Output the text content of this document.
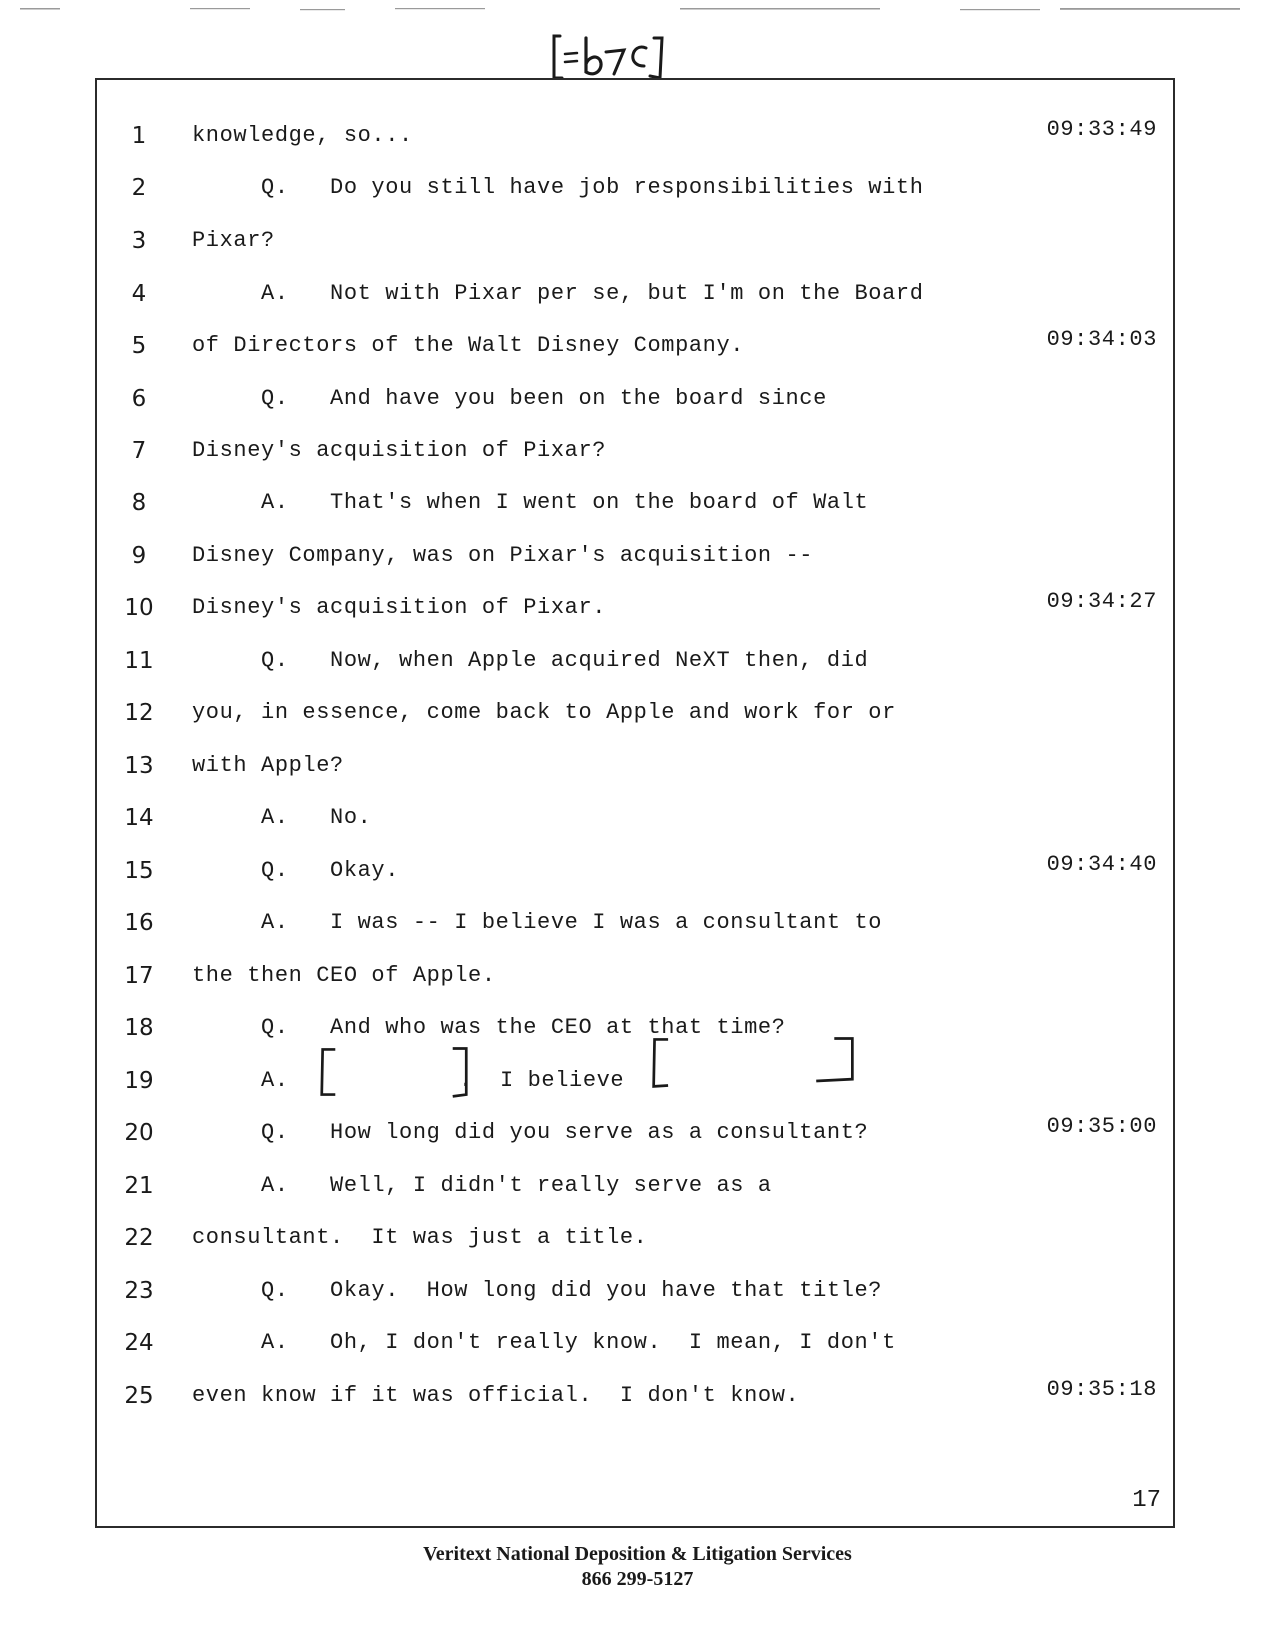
1	knowledge, so...	09:33:49
2	Q.   Do you still have job responsibilities with
3	Pixar?
4	A.   Not with Pixar per se, but I'm on the Board
5	of Directors of the Walt Disney Company.	09:34:03
6	Q.   And have you been on the board since
7	Disney's acquisition of Pixar?
8	A.   That's when I went on the board of Walt
9	Disney Company, was on Pixar's acquisition --
10	Disney's acquisition of Pixar.	09:34:27
11	Q.   Now, when Apple acquired NeXT then, did
12	you, in essence, come back to Apple and work for or
13	with Apple?
14	A.   No.
15	Q.   Okay.	09:34:40
16	A.   I was -- I believe I was a consultant to
17	the then CEO of Apple.
18	Q.   And who was the CEO at that time?
19	A.	. I believe
20	Q.   How long did you serve as a consultant?	09:35:00
21	A.   Well, I didn't really serve as a
22	consultant.  It was just a title.
23	Q.   Okay.  How long did you have that title?
24	A.   Oh, I don't really know.  I mean, I don't
25	even know if it was official.  I don't know.	09:35:18
17
Veritext National Deposition & Litigation Services
866 299-5127
